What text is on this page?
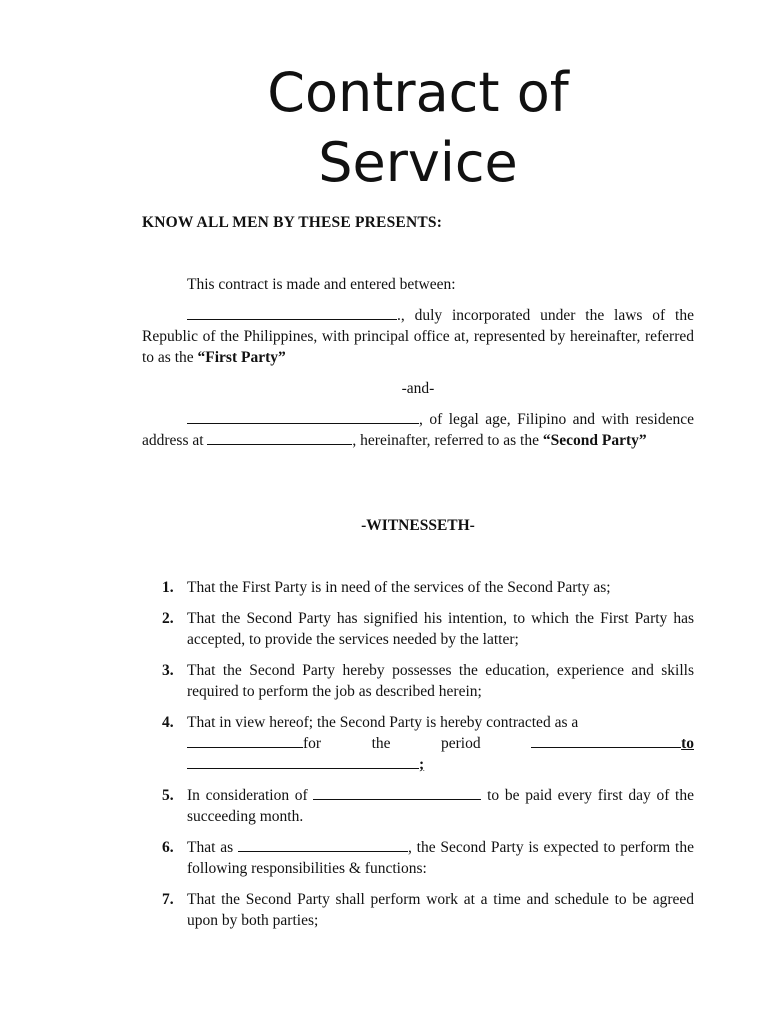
Contract of
Service
KNOW ALL MEN BY THESE PRESENTS:
This contract is made and entered between:

., duly incorporated under the laws of the Republic of the Philippines, with principal office at, represented by hereinafter, referred to as the “First Party”

-and-

, of legal age, Filipino and with residence address at	, hereinafter, referred to as the “Second Party”

-WITNESSETH-
1. That the First Party is in need of the services of the Second Party as;
2. That the Second Party has signified his intention, to which the First Party has accepted, to provide the services needed by the latter;
3. That the Second Party hereby possesses the education, experience and skills required to perform the job as described herein;
4. That in view hereof; the Second Party is hereby contracted as a

for	the	period	to
;
5. In consideration of	to be paid every first day of the succeeding month.
6. That as	, the Second Party is expected to perform the following responsibilities & functions:
7. That the Second Party shall perform work at a time and schedule to be agreed upon by both parties;
